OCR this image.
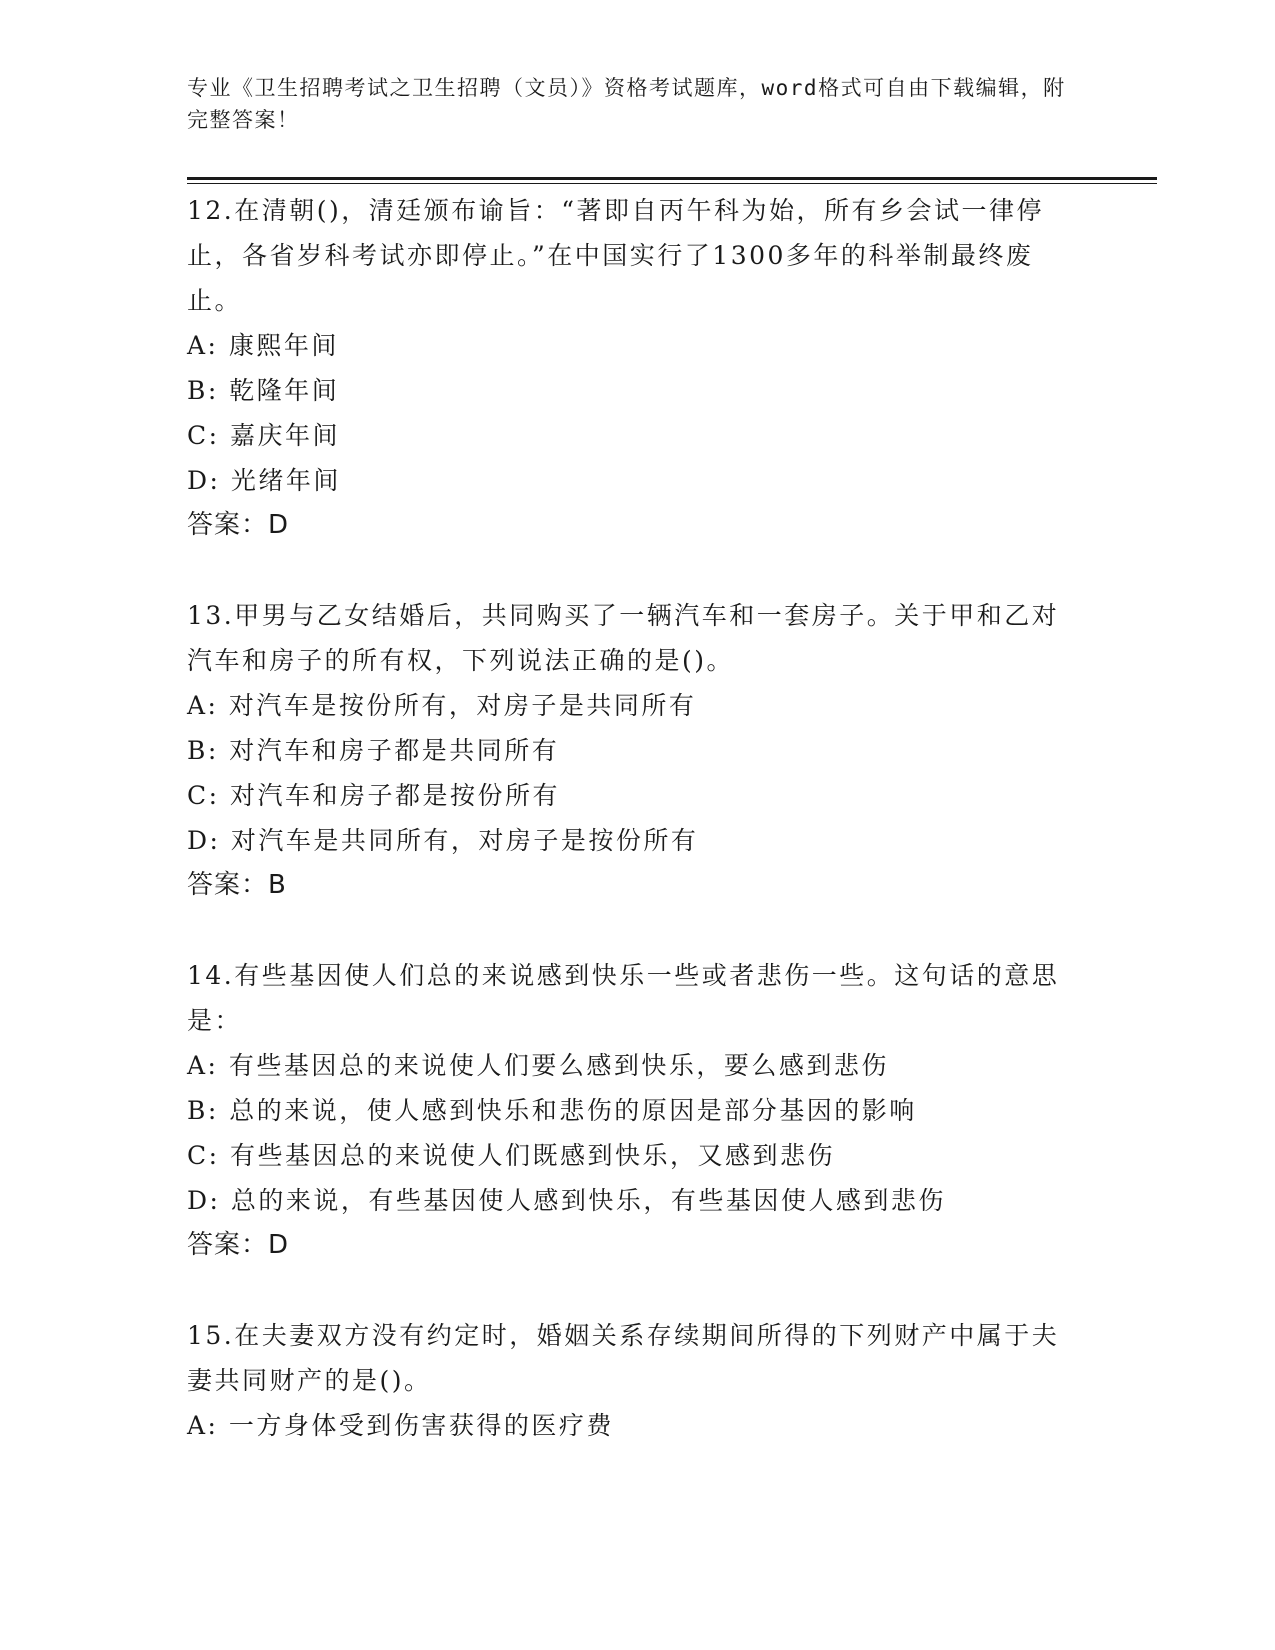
专业《卫生招聘考试之卫生招聘（文员）》资格考试题库，word格式可自由下载编辑，附完整答案！
12.在清朝()，清廷颁布谕旨：“著即自丙午科为始，所有乡会试一律停止，各省岁科考试亦即停止。”在中国实行了1300多年的科举制最终废止。
A: 康熙年间
B: 乾隆年间
C: 嘉庆年间
D: 光绪年间
答案：D
13.甲男与乙女结婚后，共同购买了一辆汽车和一套房子。关于甲和乙对汽车和房子的所有权，下列说法正确的是()。
A: 对汽车是按份所有，对房子是共同所有
B: 对汽车和房子都是共同所有
C: 对汽车和房子都是按份所有
D: 对汽车是共同所有，对房子是按份所有
答案：B
14.有些基因使人们总的来说感到快乐一些或者悲伤一些。这句话的意思是：
A: 有些基因总的来说使人们要么感到快乐，要么感到悲伤
B: 总的来说，使人感到快乐和悲伤的原因是部分基因的影响
C: 有些基因总的来说使人们既感到快乐，又感到悲伤
D: 总的来说，有些基因使人感到快乐，有些基因使人感到悲伤
答案：D
15.在夫妻双方没有约定时，婚姻关系存续期间所得的下列财产中属于夫妻共同财产的是()。
A: 一方身体受到伤害获得的医疗费
